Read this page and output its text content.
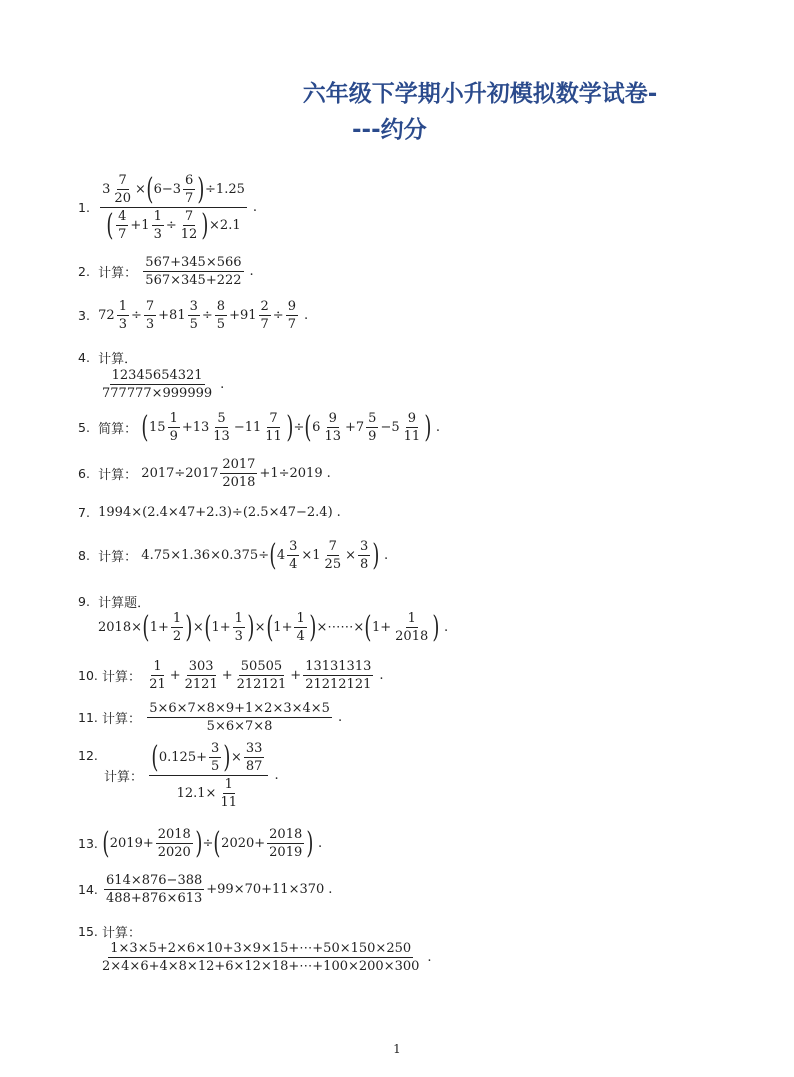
六年级下学期小升初模拟数学试卷-
---约分
1. 3
7
20
× ( 6−3
6
7 ) ÷1.25
( 4
7
+1
1
3
÷
7
12 ) ×2.1 .
2. 计算： $\frac{567+345\times 566}{567\times 345+222}$ .
3. 72
1
3
÷
7
3
+81
3
5
÷
8
5
+91
2
7
÷
9
7
.
4. 计算．
$\frac{12345654321}{777777\times 999999}$ .
5. 简算： ( 15
1
9
+13
5
13
−11
7
11 ) ÷ ( 6
9
13
+7
5
9
−5
9
11 ) .
6. 计算： 2017÷2017
2017
2018
+1÷2019 .
7. 1994×(2.4×47+2.3)÷(2.5×47−2.4) .
8. 计算： 4.75×1.36×0.375÷ ( 4
3
4
×1
7
25
×
3
8 ) .
9. 计算题．
2018× ( 1+
1
2 ) × ( 1+
1
3 ) × ( 1+
1
4 ) ×⋯⋯× ( 1+
1
2018 ) .
10. 计算：
1
21
+
303
2121
+
50505
212121
+
13131313
21212121
.
11. 计算： $\frac{5\times 6\times 7\times 8\times 9+1\times 2\times 3\times 4\times 5}{5\times 6\times 7\times 8}$ .
12.
计算： ( 0.125+
3
5 ) ×
33
87
12.1×
1
11 .
13. ( 2019+
2018
2020 ) ÷ ( 2020+
2018
2019 ) .
14.
614×876−388
488+876×613
+99×70+11×370 .
15. 计算：
$\frac{1\times 3\times 5+2\times 6\times 10+3\times 9\times 15+\cdots+50\times 150\times 250}{2\times 4\times 6+4\times 8\times 12+6\times 12\times 18+\cdots+100\times 200\times 300}$ .
1
